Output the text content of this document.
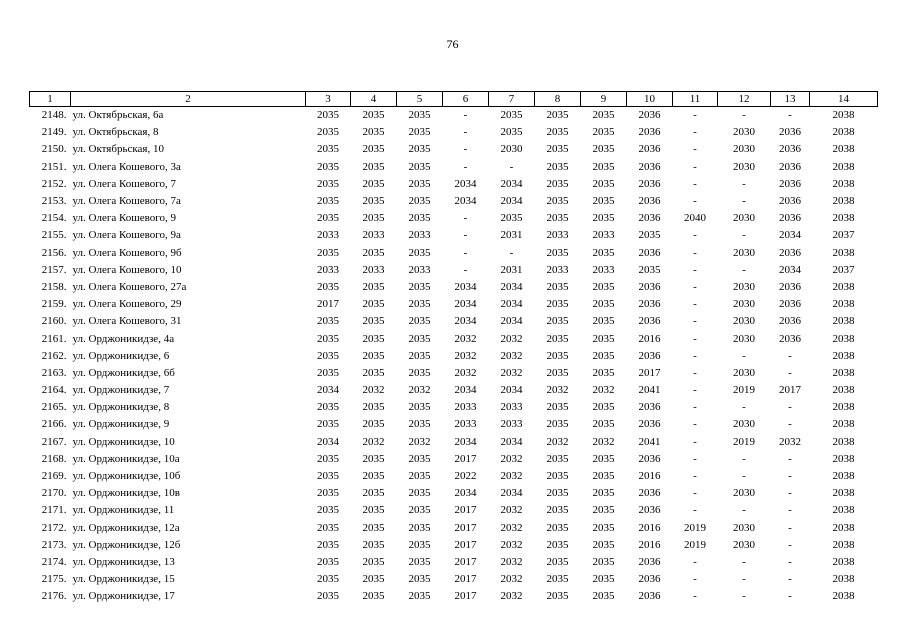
76
1	2	3	4	5	6	7	8	9	10	11	12	13	14
2148.	ул. Октябрьская, 6а	2035	2035	2035	-	2035	2035	2035	2036	-	-	-	2038
2149.	ул. Октябрьская, 8	2035	2035	2035	-	2035	2035	2035	2036	-	2030	2036	2038
2150.	ул. Октябрьская, 10	2035	2035	2035	-	2030	2035	2035	2036	-	2030	2036	2038
2151.	ул. Олега Кошевого, 3а	2035	2035	2035	-	-	2035	2035	2036	-	2030	2036	2038
2152.	ул. Олега Кошевого, 7	2035	2035	2035	2034	2034	2035	2035	2036	-	-	2036	2038
2153.	ул. Олега Кошевого, 7а	2035	2035	2035	2034	2034	2035	2035	2036	-	-	2036	2038
2154.	ул. Олега Кошевого, 9	2035	2035	2035	-	2035	2035	2035	2036	2040	2030	2036	2038
2155.	ул. Олега Кошевого, 9а	2033	2033	2033	-	2031	2033	2033	2035	-	-	2034	2037
2156.	ул. Олега Кошевого, 9б	2035	2035	2035	-	-	2035	2035	2036	-	2030	2036	2038
2157.	ул. Олега Кошевого, 10	2033	2033	2033	-	2031	2033	2033	2035	-	-	2034	2037
2158.	ул. Олега Кошевого, 27а	2035	2035	2035	2034	2034	2035	2035	2036	-	2030	2036	2038
2159.	ул. Олега Кошевого, 29	2017	2035	2035	2034	2034	2035	2035	2036	-	2030	2036	2038
2160.	ул. Олега Кошевого, 31	2035	2035	2035	2034	2034	2035	2035	2036	-	2030	2036	2038
2161.	ул. Орджоникидзе, 4а	2035	2035	2035	2032	2032	2035	2035	2016	-	2030	2036	2038
2162.	ул. Орджоникидзе, 6	2035	2035	2035	2032	2032	2035	2035	2036	-	-	-	2038
2163.	ул. Орджоникидзе, 6б	2035	2035	2035	2032	2032	2035	2035	2017	-	2030	-	2038
2164.	ул. Орджоникидзе, 7	2034	2032	2032	2034	2034	2032	2032	2041	-	2019	2017	2038
2165.	ул. Орджоникидзе, 8	2035	2035	2035	2033	2033	2035	2035	2036	-	-	-	2038
2166.	ул. Орджоникидзе, 9	2035	2035	2035	2033	2033	2035	2035	2036	-	2030	-	2038
2167.	ул. Орджоникидзе, 10	2034	2032	2032	2034	2034	2032	2032	2041	-	2019	2032	2038
2168.	ул. Орджоникидзе, 10а	2035	2035	2035	2017	2032	2035	2035	2036	-	-	-	2038
2169.	ул. Орджоникидзе, 10б	2035	2035	2035	2022	2032	2035	2035	2016	-	-	-	2038
2170.	ул. Орджоникидзе, 10в	2035	2035	2035	2034	2034	2035	2035	2036	-	2030	-	2038
2171.	ул. Орджоникидзе, 11	2035	2035	2035	2017	2032	2035	2035	2036	-	-	-	2038
2172.	ул. Орджоникидзе, 12а	2035	2035	2035	2017	2032	2035	2035	2016	2019	2030	-	2038
2173.	ул. Орджоникидзе, 12б	2035	2035	2035	2017	2032	2035	2035	2016	2019	2030	-	2038
2174.	ул. Орджоникидзе, 13	2035	2035	2035	2017	2032	2035	2035	2036	-	-	-	2038
2175.	ул. Орджоникидзе, 15	2035	2035	2035	2017	2032	2035	2035	2036	-	-	-	2038
2176.	ул. Орджоникидзе, 17	2035	2035	2035	2017	2032	2035	2035	2036	-	-	-	2038
